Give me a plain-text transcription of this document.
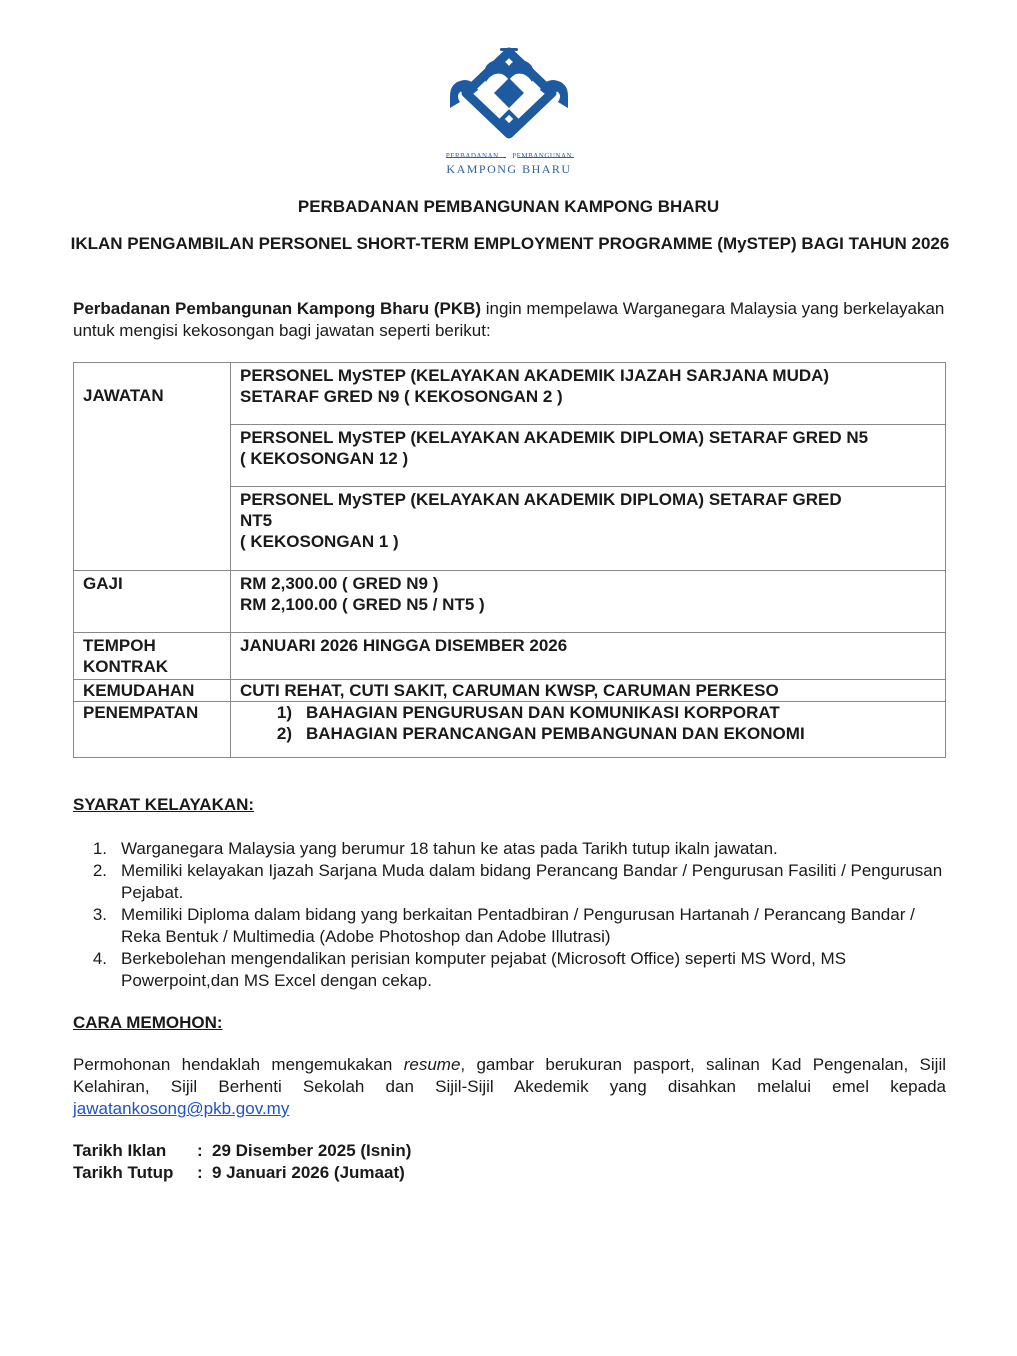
PERBADANAN PEMBANGUNAN
KAMPONG BHARU
PERBADANAN PEMBANGUNAN KAMPONG BHARU
IKLAN PENGAMBILAN PERSONEL SHORT-TERM EMPLOYMENT PROGRAMME (MySTEP) BAGI TAHUN 2026
Perbadanan Pembangunan Kampong Bharu (PKB) ingin mempelawa Warganegara Malaysia yang berkelayakan untuk mengisi kekosongan bagi jawatan seperti berikut:
JAWATAN	PERSONEL MySTEP (KELAYAKAN AKADEMIK IJAZAH SARJANA MUDA)
SETARAF GRED N9 ( KEKOSONGAN 2 )

	PERSONEL MySTEP (KELAYAKAN AKADEMIK DIPLOMA) SETARAF GRED N5
( KEKOSONGAN 12 )

	PERSONEL MySTEP (KELAYAKAN AKADEMIK DIPLOMA) SETARAF GRED
NT5
( KEKOSONGAN 1 )

GAJI	RM 2,300.00 ( GRED N9 )
RM 2,100.00 ( GRED N5 / NT5 )

TEMPOH
KONTRAK	JANUARI 2026 HINGGA DISEMBER 2026
KEMUDAHAN	CUTI REHAT, CUTI SAKIT, CARUMAN KWSP, CARUMAN PERKESO
PENEMPATAN	1) BAHAGIAN PENGURUSAN DAN KOMUNIKASI KORPORAT
2) BAHAGIAN PERANCANGAN PEMBANGUNAN DAN EKONOMI
SYARAT KELAYAKAN:
1. Warganegara Malaysia yang berumur 18 tahun ke atas pada Tarikh tutup ikaln jawatan.
2. Memiliki kelayakan Ijazah Sarjana Muda dalam bidang Perancang Bandar / Pengurusan Fasiliti / Pengurusan Pejabat.
3. Memiliki Diploma dalam bidang yang berkaitan Pentadbiran / Pengurusan Hartanah / Perancang Bandar / Reka Bentuk / Multimedia (Adobe Photoshop dan Adobe Illutrasi)
4. Berkebolehan mengendalikan perisian komputer pejabat (Microsoft Office) seperti MS Word, MS Powerpoint,dan MS Excel dengan cekap.
CARA MEMOHON:
Permohonan hendaklah mengemukakan resume, gambar berukuran pasport, salinan Kad Pengenalan, Sijil Kelahiran, Sijil Berhenti Sekolah dan Sijil-Sijil Akedemik yang disahkan melalui emel kepada jawatankosong@pkb.gov.my
Tarikh Iklan	: 29 Disember 2025 (Isnin)
Tarikh Tutup	: 9 Januari 2026 (Jumaat)
